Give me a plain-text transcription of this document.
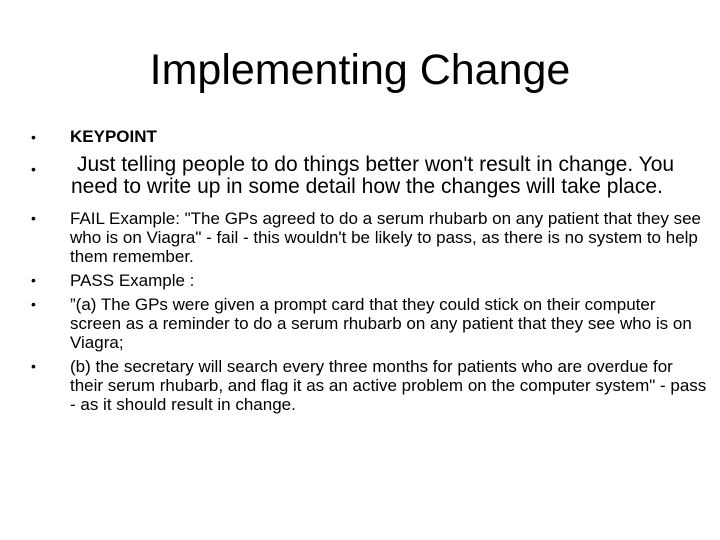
Implementing Change
•	KEYPOINT
•	Just telling people to do things better won't result in change. You need to write up in some detail how the changes will take place.
•	FAIL Example: "The GPs agreed to do a serum rhubarb on any patient that they see who is on Viagra" - fail - this wouldn't be likely to pass, as there is no system to help them remember.
•	PASS Example :
•	”(a) The GPs were given a prompt card that they could stick on their computer screen as a reminder to do a serum rhubarb on any patient that they see who is on Viagra;
•	(b) the secretary will search every three months for patients who are overdue for their serum rhubarb, and flag it as an active problem on the computer system" - pass - as it should result in change.
